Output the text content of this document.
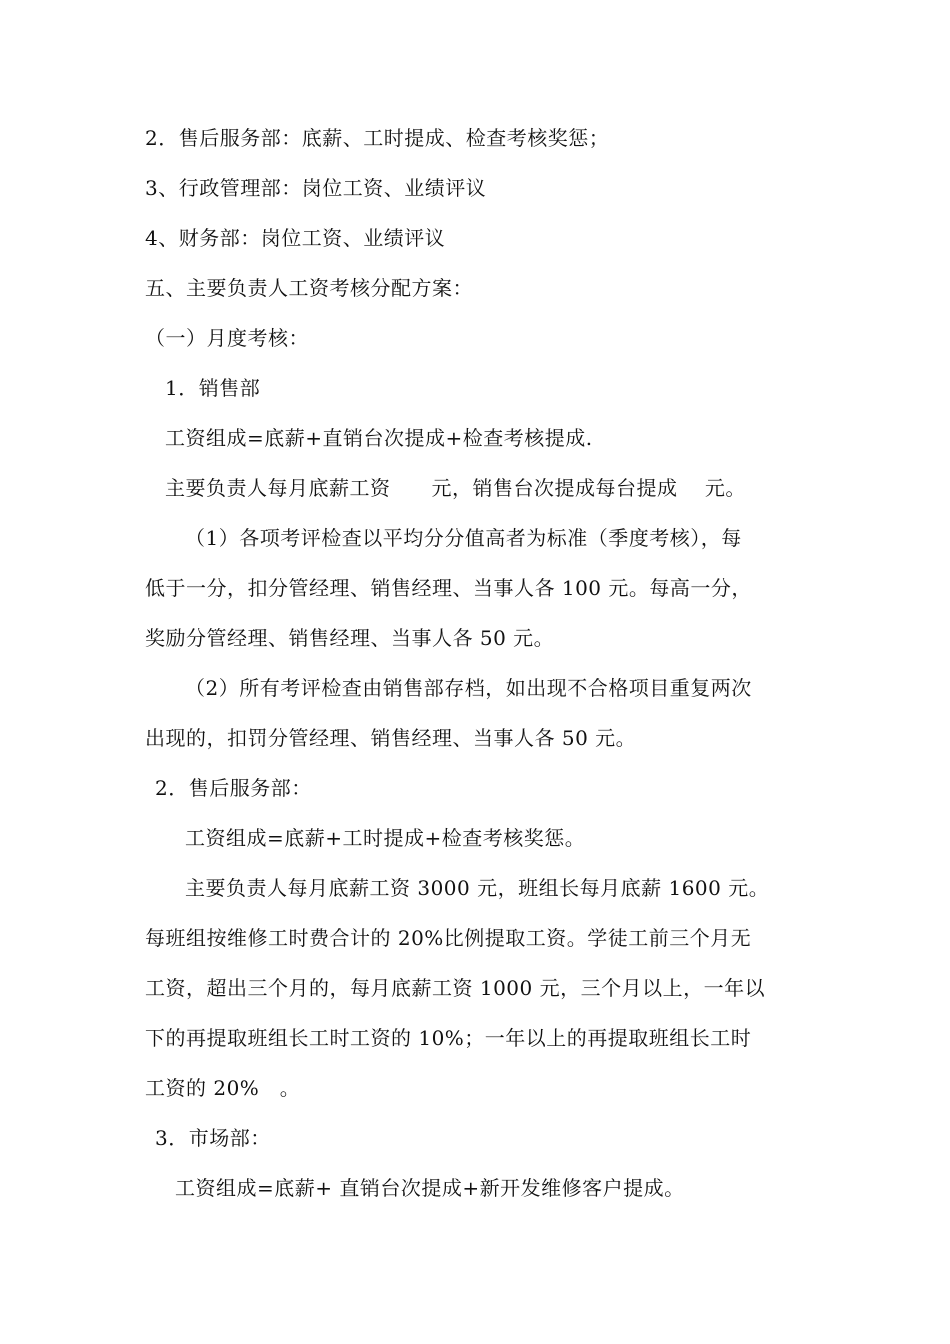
2．售后服务部：底薪、工时提成、检查考核奖惩；
3、行政管理部：岗位工资、业绩评议
4、财务部：岗位工资、业绩评议
五、主要负责人工资考核分配方案：
（一）月度考核：
1．销售部
工资组成=底薪+直销台次提成+检查考核提成.
主要负责人每月底薪工资　　元，销售台次提成每台提成　 元。
（1）各项考评检查以平均分分值高者为标准（季度考核），每
低于一分，扣分管经理、销售经理、当事人各 100 元。每高一分，
奖励分管经理、销售经理、当事人各 50 元。
（2）所有考评检查由销售部存档，如出现不合格项目重复两次
出现的，扣罚分管经理、销售经理、当事人各 50 元。
2．售后服务部：
工资组成=底薪+工时提成+检查考核奖惩。
主要负责人每月底薪工资 3000 元，班组长每月底薪 1600 元。
每班组按维修工时费合计的 20%比例提取工资。学徒工前三个月无
工资，超出三个月的，每月底薪工资 1000 元，三个月以上，一年以
下的再提取班组长工时工资的 10%；一年以上的再提取班组长工时
工资的 20%　。
3．市场部：
工资组成=底薪+ 直销台次提成+新开发维修客户提成。
